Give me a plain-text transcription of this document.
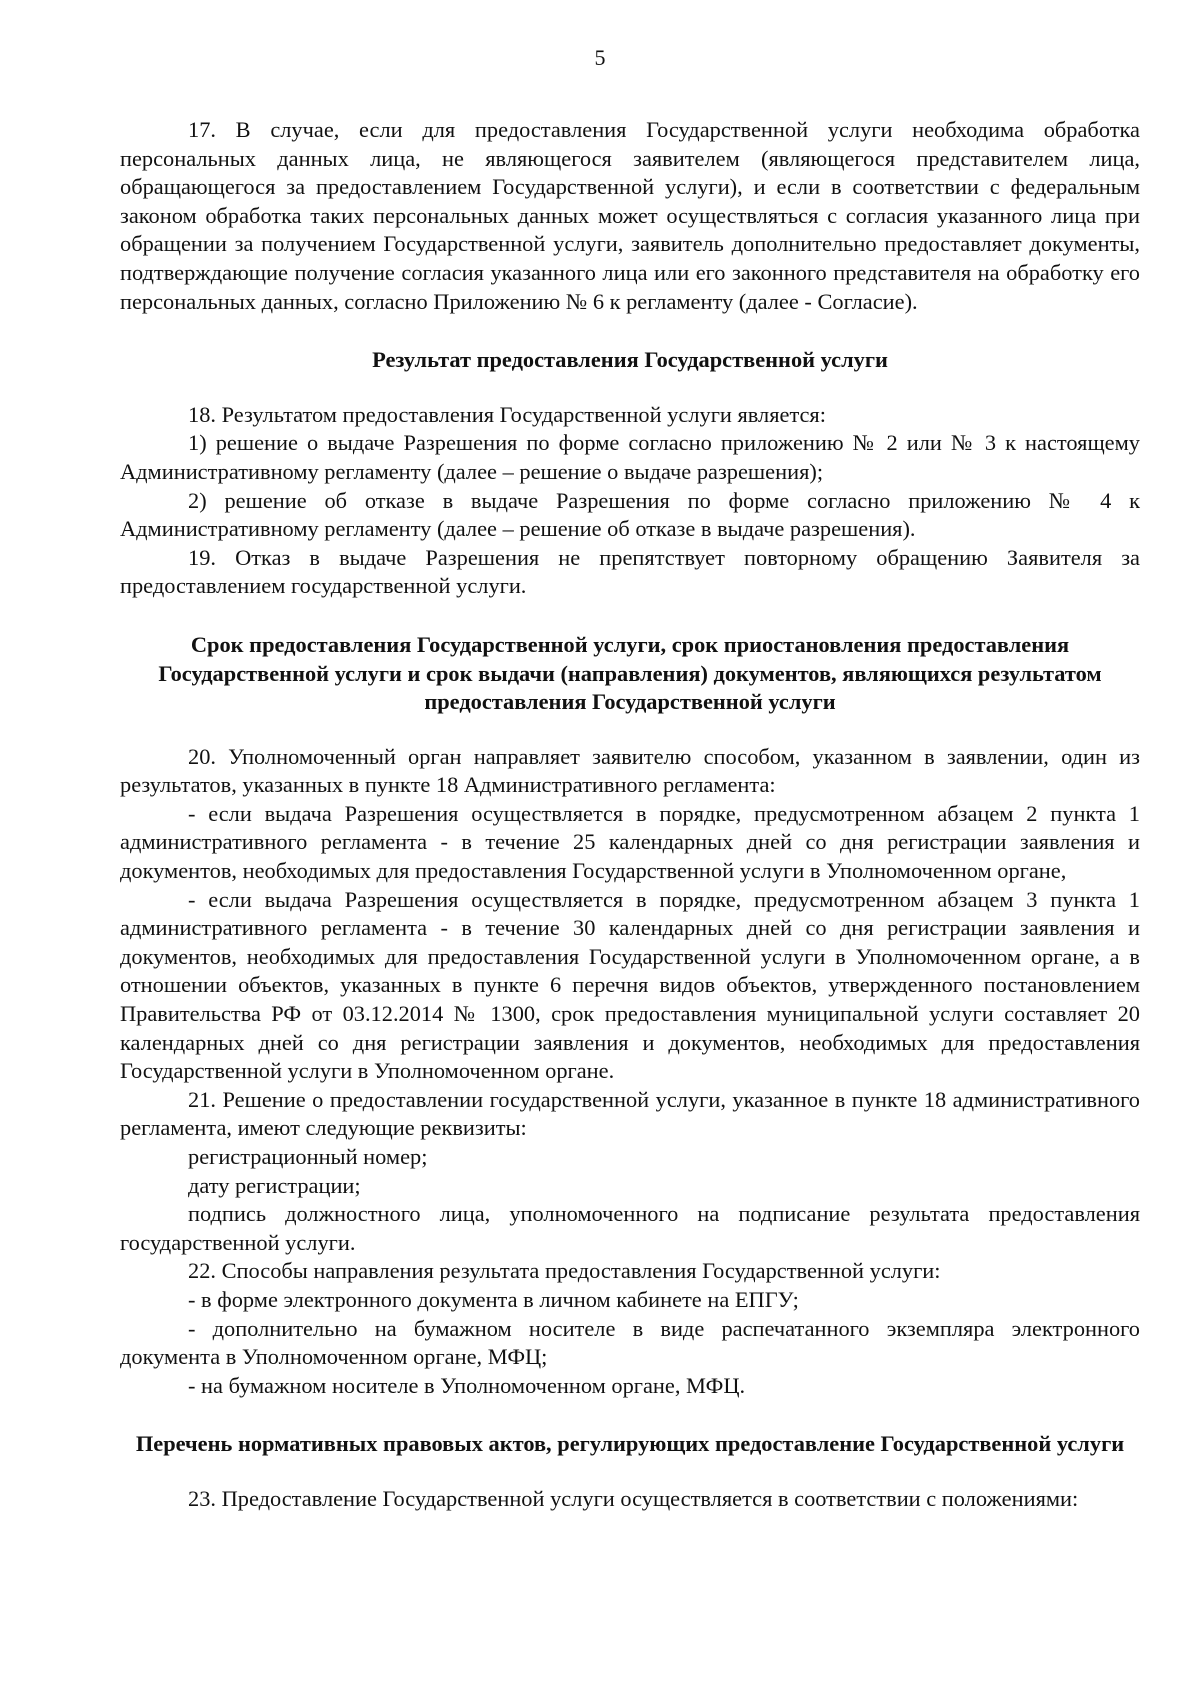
5

17. В случае, если для предоставления Государственной услуги необходима обработка персональных данных лица, не являющегося заявителем (являющегося представителем лица, обращающегося за предоставлением Государственной услуги), и если в соответствии с федеральным законом обработка таких персональных данных может осуществляться с согласия указанного лица при обращении за получением Государственной услуги, заявитель дополнительно предоставляет документы, подтверждающие получение согласия указанного лица или его законного представителя на обработку его персональных данных, согласно Приложению № 6 к регламенту (далее - Согласие).

Результат предоставления Государственной услуги

18. Результатом предоставления Государственной услуги является:

1) решение о выдаче Разрешения по форме согласно приложению № 2 или № 3 к настоящему Административному регламенту (далее – решение о выдаче разрешения);

2) решение об отказе в выдаче Разрешения по форме согласно приложению № 4 к Административному регламенту (далее – решение об отказе в выдаче разрешения).

19. Отказ в выдаче Разрешения не препятствует повторному обращению Заявителя за предоставлением государственной услуги.

Срок предоставления Государственной услуги, срок приостановления предоставления Государственной услуги и срок выдачи (направления) документов, являющихся результатом предоставления Государственной услуги

20. Уполномоченный орган направляет заявителю способом, указанном в заявлении, один из результатов, указанных в пункте 18 Административного регламента:

- если выдача Разрешения осуществляется в порядке, предусмотренном абзацем 2 пункта 1 административного регламента - в течение 25 календарных дней со дня регистрации заявления и документов, необходимых для предоставления Государственной услуги в Уполномоченном органе,

- если выдача Разрешения осуществляется в порядке, предусмотренном абзацем 3 пункта 1 административного регламента - в течение 30 календарных дней со дня регистрации заявления и документов, необходимых для предоставления Государственной услуги в Уполномоченном органе, а в отношении объектов, указанных в пункте 6 перечня видов объектов, утвержденного постановлением Правительства РФ от 03.12.2014 № 1300, срок предоставления муниципальной услуги составляет 20 календарных дней со дня регистрации заявления и документов, необходимых для предоставления Государственной услуги в Уполномоченном органе.

21. Решение о предоставлении государственной услуги, указанное в пункте 18 административного регламента, имеют следующие реквизиты:

регистрационный номер;

дату регистрации;

подпись должностного лица, уполномоченного на подписание результата предоставления государственной услуги.

22. Способы направления результата предоставления Государственной услуги:

- в форме электронного документа в личном кабинете на ЕПГУ;

- дополнительно на бумажном носителе в виде распечатанного экземпляра электронного документа в Уполномоченном органе, МФЦ;

- на бумажном носителе в Уполномоченном органе, МФЦ.

Перечень нормативных правовых актов, регулирующих предоставление Государственной услуги

23. Предоставление Государственной услуги осуществляется в соответствии с положениями:
